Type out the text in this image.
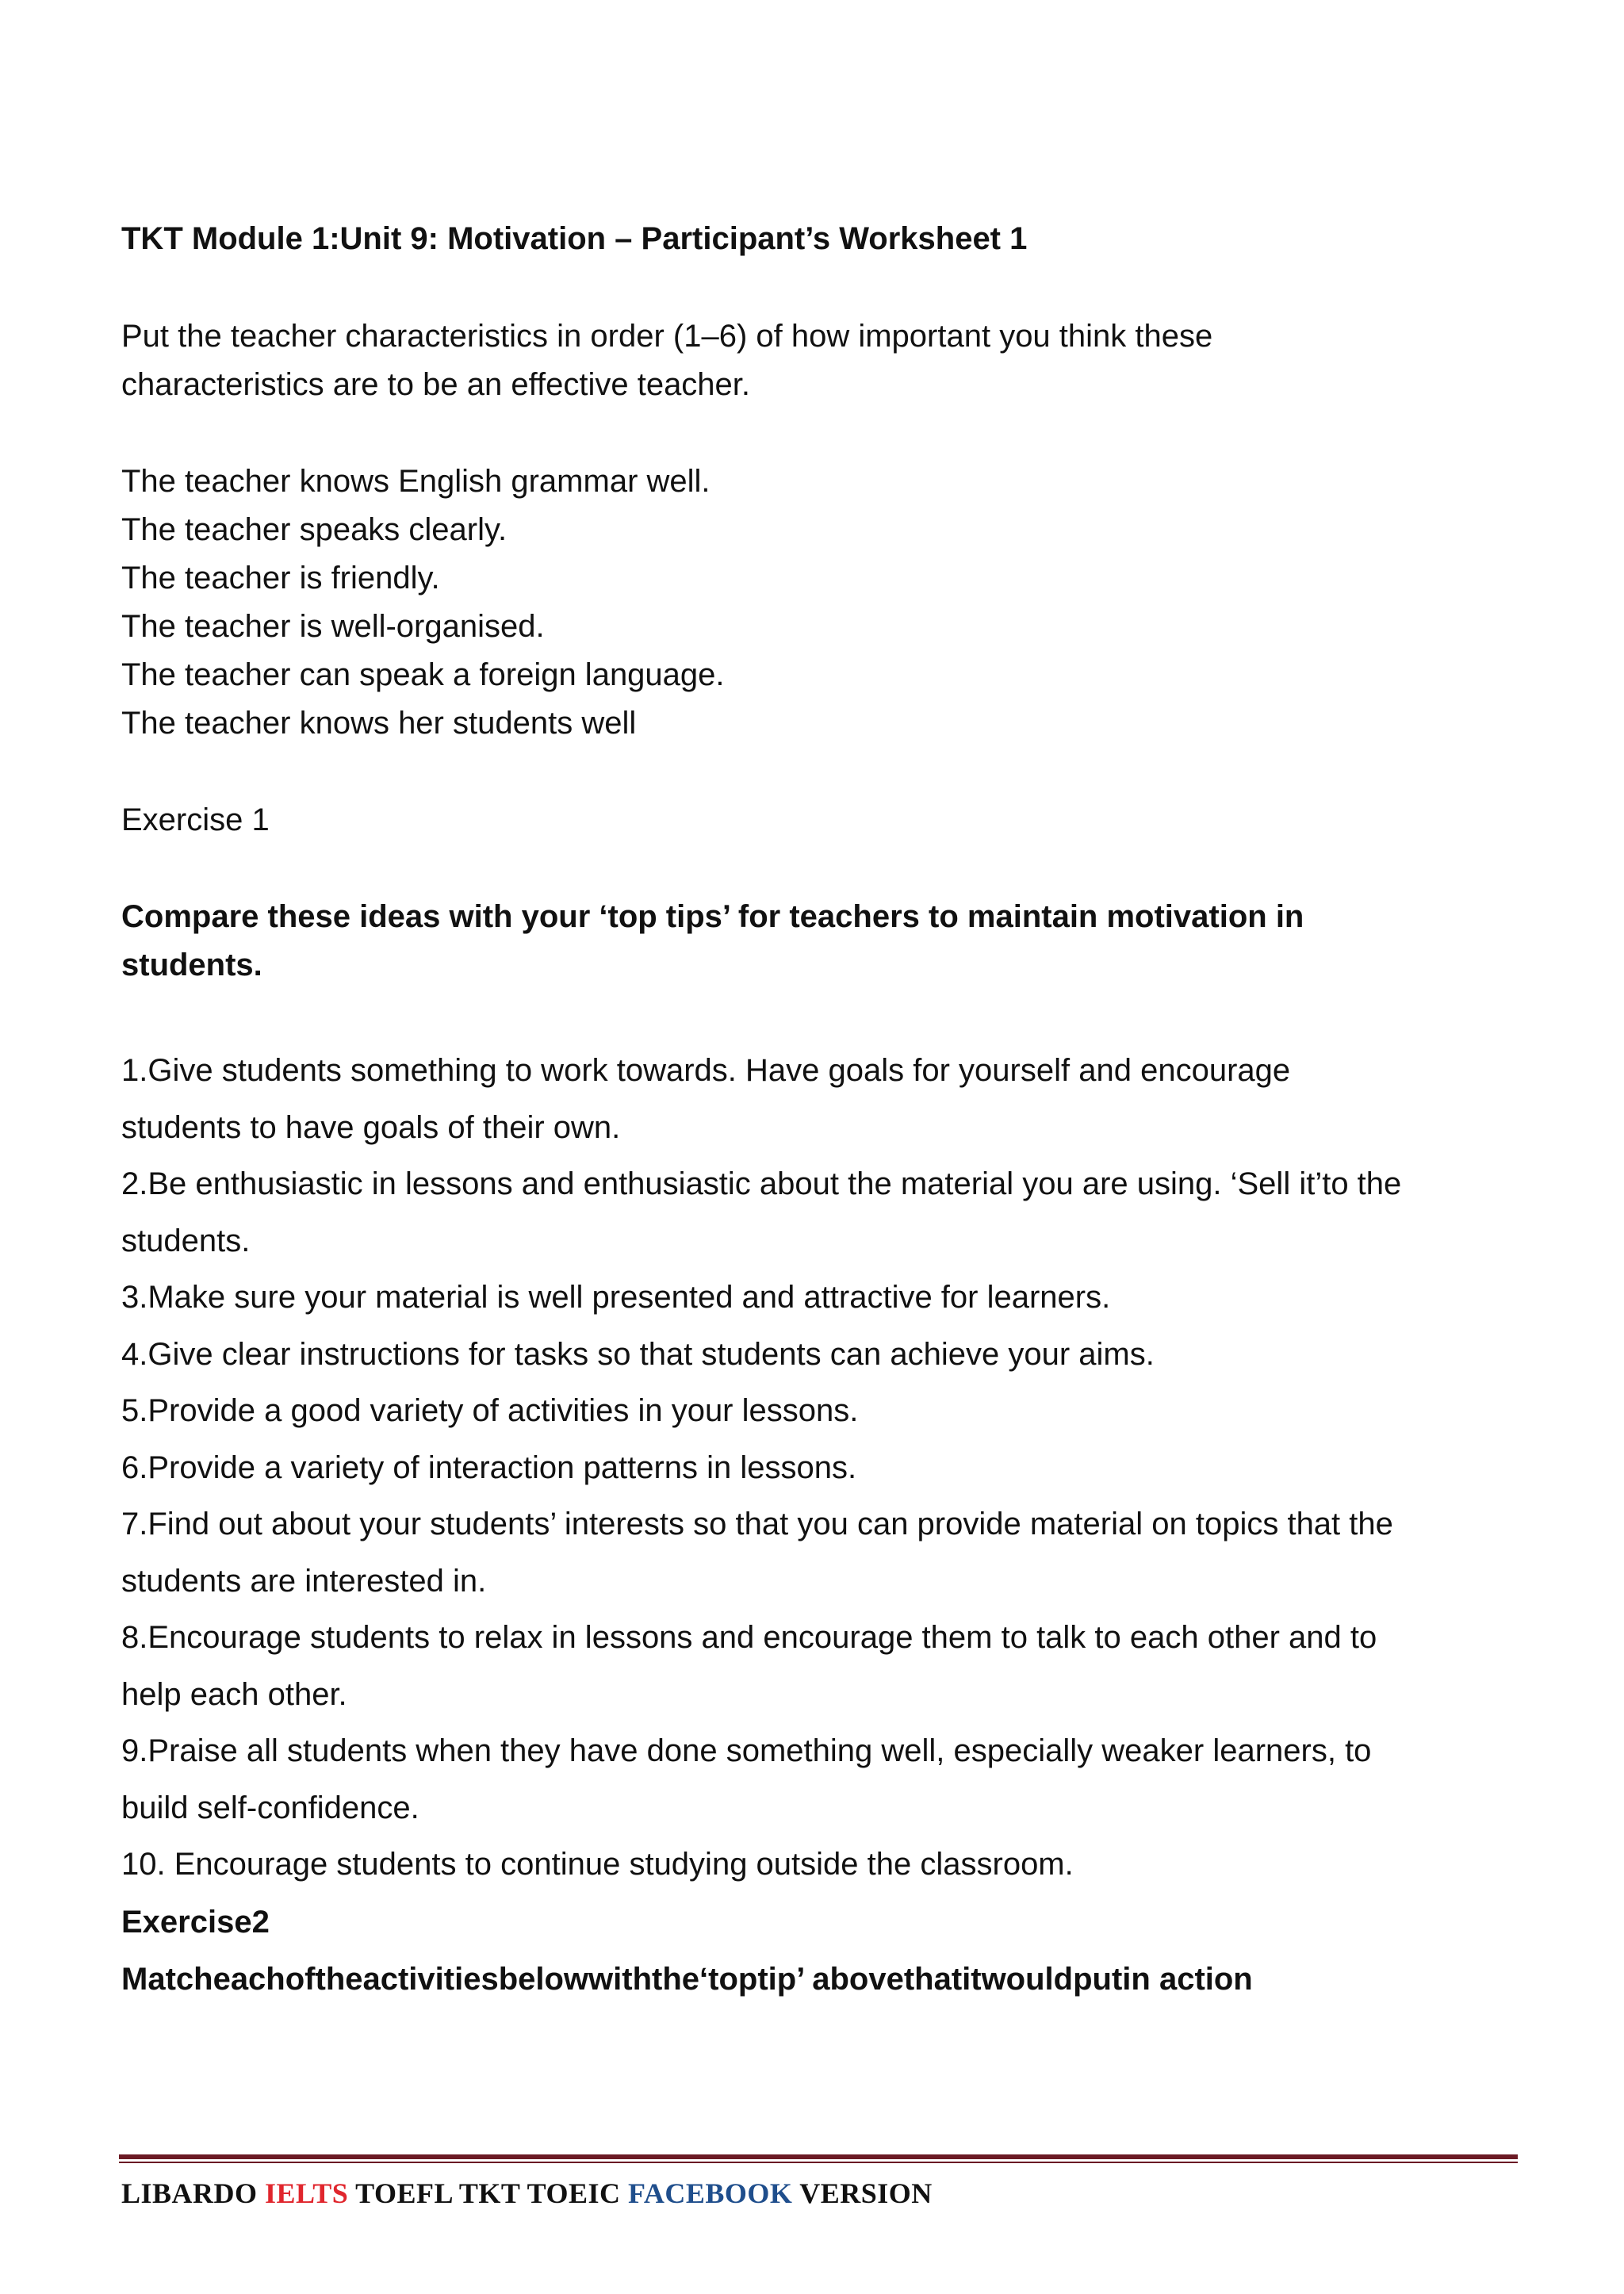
TKT Module 1:Unit 9: Motivation – Participant’s Worksheet 1

Put the teacher characteristics in order (1–6) of how important you think these

characteristics are to be an effective teacher.

The teacher knows English grammar well.

The teacher speaks clearly.

The teacher is friendly.

The teacher is well-organised.

The teacher can speak a foreign language.

The teacher knows her students well

Exercise 1

Compare these ideas with your ‘top tips’ for teachers to maintain motivation in

students.

1.Give students something to work towards. Have goals for yourself and encourage
students to have goals of their own.
2.Be enthusiastic in lessons and enthusiastic about the material you are using. ‘Sell it’to the
students.
3.Make sure your material is well presented and attractive for learners.
4.Give clear instructions for tasks so that students can achieve your aims.
5.Provide a good variety of activities in your lessons.
6.Provide a variety of interaction patterns in lessons.
7.Find out about your students’ interests so that you can provide material on topics that the
students are interested in.
8.Encourage students to relax in lessons and encourage them to talk to each other and to
help each other.
9.Praise all students when they have done something well, especially weaker learners, to
build self-confidence.
10. Encourage students to continue studying outside the classroom.

Exercise2

Matcheachoftheactivitiesbelowwiththe‘toptip’ abovethatitwouldputin action

LIBARDO IELTS TOEFL TKT TOEIC FACEBOOK VERSION
